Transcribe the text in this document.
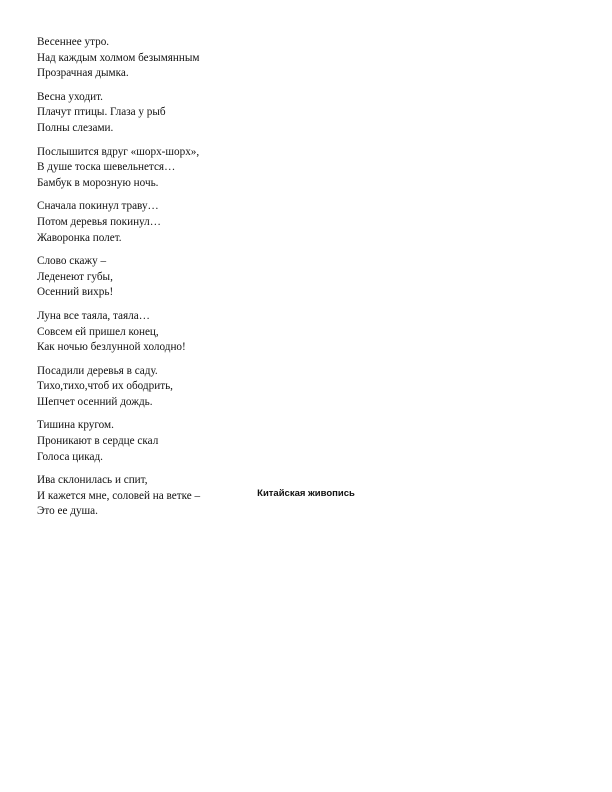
Весеннее утро.
Над каждым холмом безымянным
Прозрачная дымка.
Весна уходит.
Плачут птицы. Глаза у рыб
Полны слезами.
Послышится вдруг «шорх-шорх»,
В душе тоска шевельнется…
Бамбук в морозную ночь.
Сначала покинул траву…
Потом деревья покинул…
Жаворонка полет.
Слово скажу –
Леденеют губы,
Осенний вихрь!
Луна все таяла, таяла…
Совсем ей пришел конец,
Как ночью безлунной холодно!
Посадили деревья в саду.
Тихо,тихо,чтоб их ободрить,
Шепчет осенний дождь.
Тишина кругом.
Проникают в сердце скал
Голоса цикад.
Ива склонилась и спит,
И кажется мне, соловей на ветке –
Это ее душа.
Китайская живопись
